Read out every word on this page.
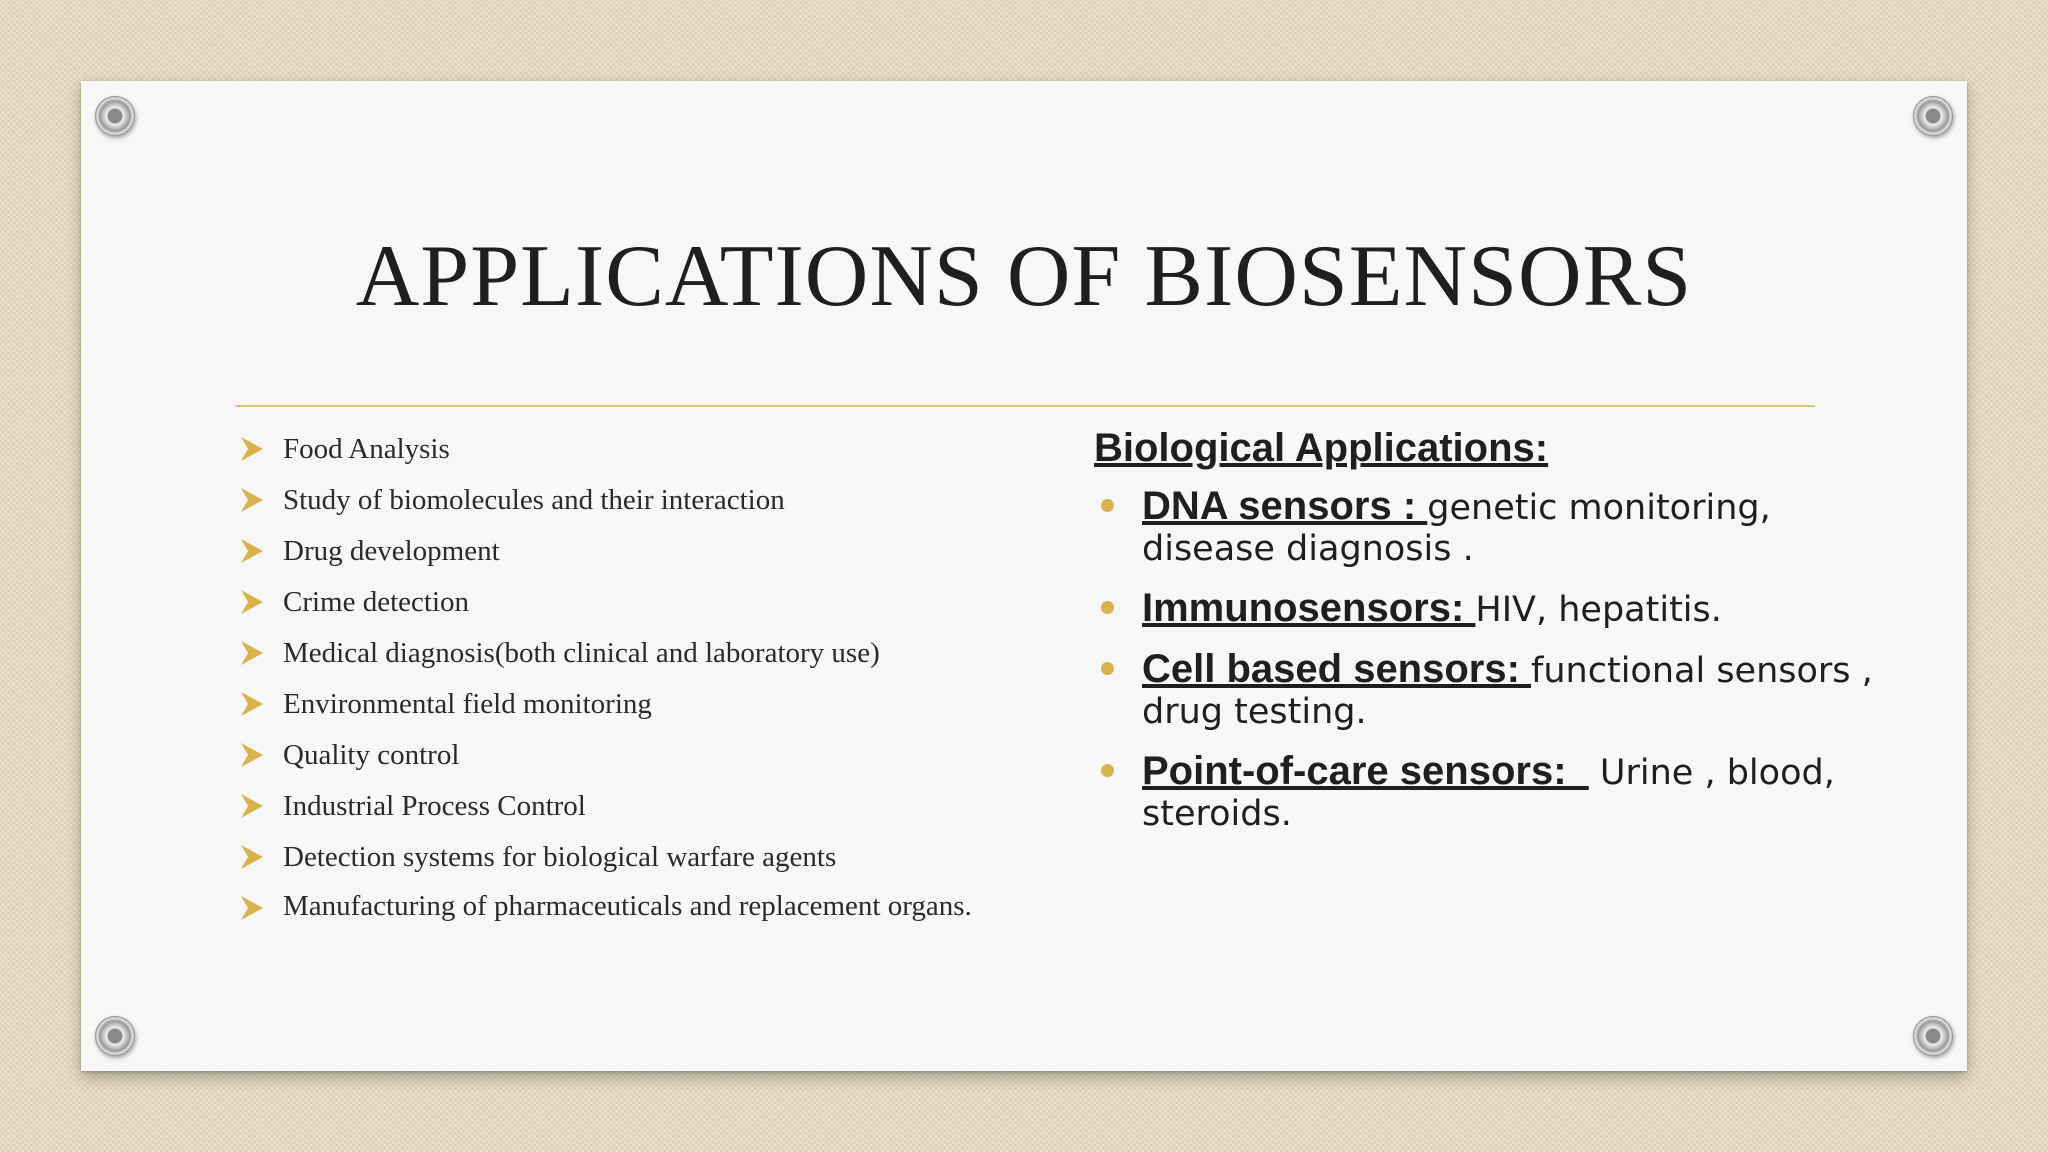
APPLICATIONS OF BIOSENSORS
Food Analysis
Study of biomolecules and their interaction
Drug development
Crime detection
Medical diagnosis(both clinical and laboratory use)
Environmental field monitoring
Quality control
Industrial Process Control
Detection systems for biological warfare agents
Manufacturing of pharmaceuticals and replacement organs.
Biological Applications:
DNA sensors : genetic monitoring, disease diagnosis .
Immunosensors: HIV, hepatitis.
Cell based sensors: functional sensors , drug testing.
Point-of-care sensors:   Urine , blood, steroids.
